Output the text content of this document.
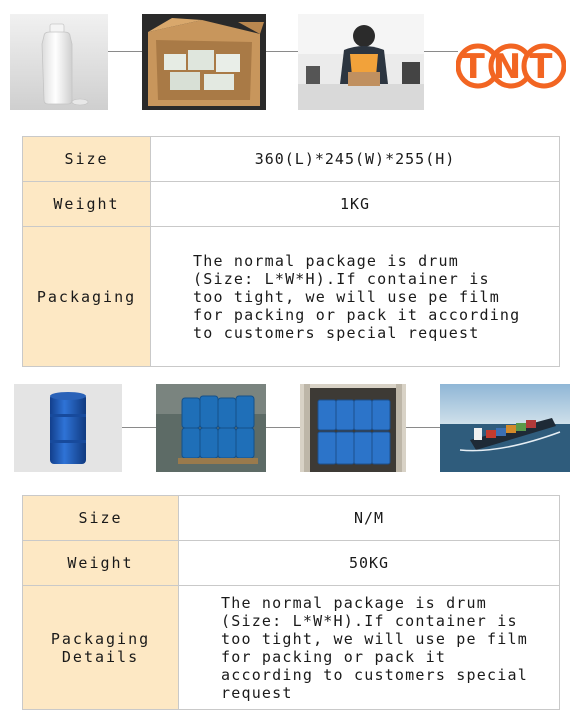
TNT
Size	360(L)*245(W)*255(H)
Weight	1KG
Packaging	The normal package is drum (Size: L*W*H).If container is too tight, we will use pe film for packing or pack it according to customers special request
Size	N/M
Weight	50KG
Packaging Details	The normal package is drum (Size: L*W*H).If container is too tight, we will use pe film for packing or pack it according to customers special request
